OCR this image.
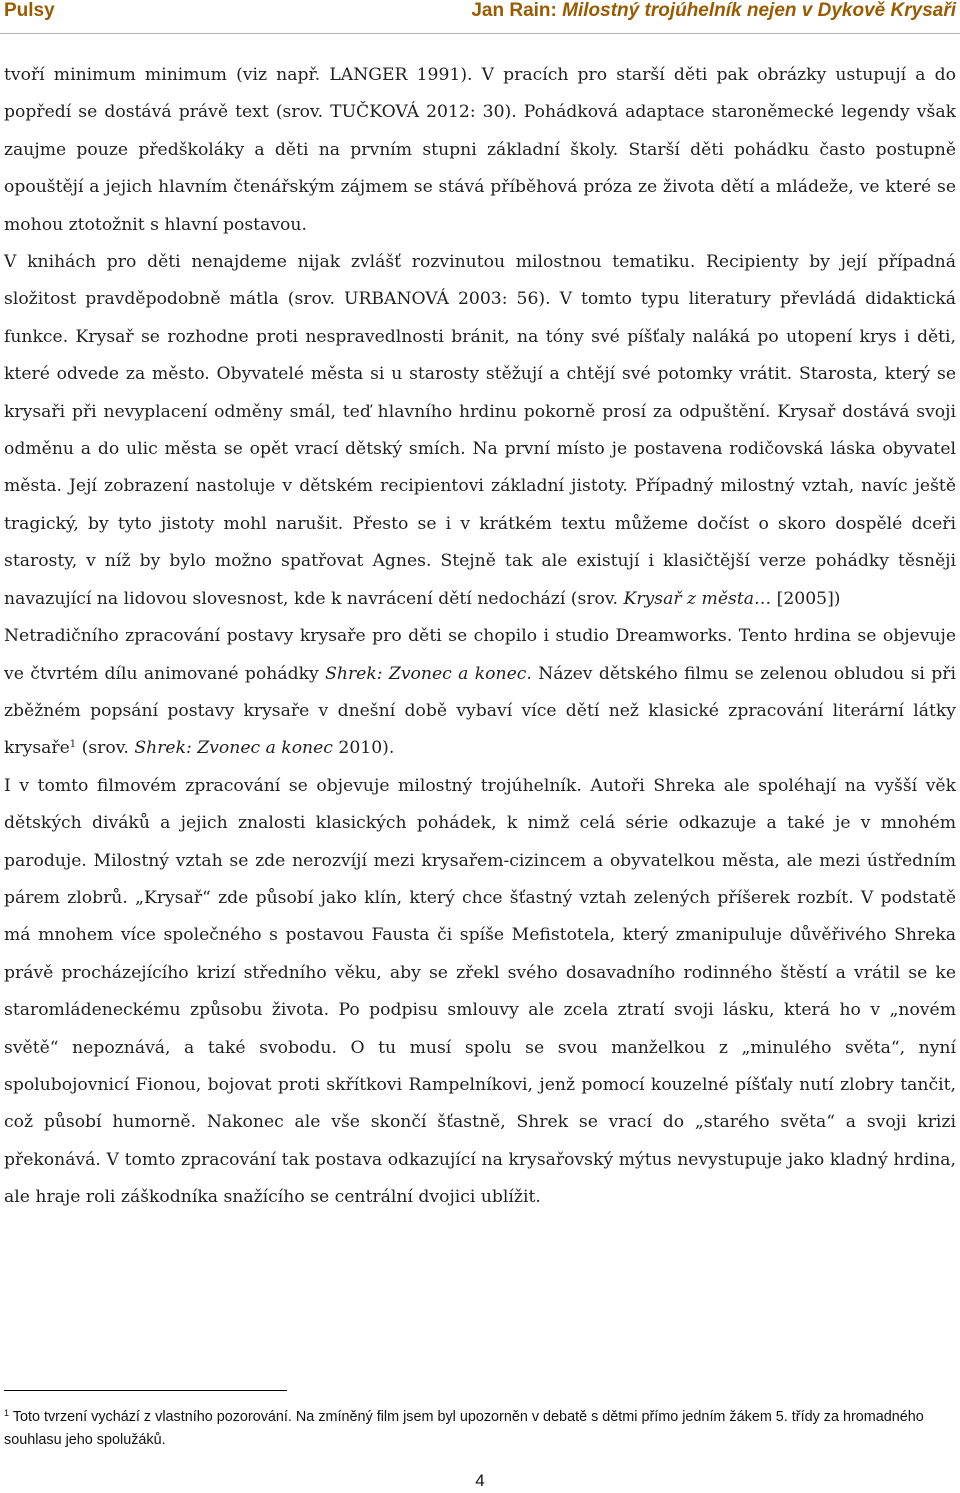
Pulsy	Jan Rain: Milostný trojúhelník nejen v Dykově Krysaři

tvoří minimum minimum (viz např. LANGER 1991). V pracích pro starší děti pak obrázky ustupují a do popředí se dostává právě text (srov. TUČKOVÁ 2012: 30). Pohádková adaptace staroněmecké legendy však zaujme pouze předškoláky a děti na prvním stupni základní školy. Starší děti pohádku často postupně opouštějí a jejich hlavním čtenářským zájmem se stává příběhová próza ze života dětí a mládeže, ve které se mohou ztotožnit s hlavní postavou.

V knihách pro děti nenajdeme nijak zvlášť rozvinutou milostnou tematiku. Recipienty by její případná složitost pravděpodobně mátla (srov. URBANOVÁ 2003: 56). V tomto typu literatury převládá didaktická funkce. Krysař se rozhodne proti nespravedlnosti bránit, na tóny své píšťaly naláká po utopení krys i děti, které odvede za město. Obyvatelé města si u starosty stěžují a chtějí své potomky vrátit. Starosta, který se krysaři při nevyplacení odměny smál, teď hlavního hrdinu pokorně prosí za odpuštění. Krysař dostává svoji odměnu a do ulic města se opět vrací dětský smích. Na první místo je postavena rodičovská láska obyvatel města. Její zobrazení nastoluje v dětském recipientovi základní jistoty. Případný milostný vztah, navíc ještě tragický, by tyto jistoty mohl narušit. Přesto se i v krátkém textu můžeme dočíst o skoro dospělé dceři starosty, v níž by bylo možno spatřovat Agnes. Stejně tak ale existují i klasičtější verze pohádky těsněji navazující na lidovou slovesnost, kde k navrácení dětí nedochází (srov. Krysař z města… [2005])

Netradičního zpracování postavy krysaře pro děti se chopilo i studio Dreamworks. Tento hrdina se objevuje ve čtvrtém dílu animované pohádky Shrek: Zvonec a konec. Název dětského filmu se zelenou obludou si při zběžném popsání postavy krysaře v dnešní době vybaví více dětí než klasické zpracování literární látky krysaře$^1$ (srov. Shrek: Zvonec a konec 2010).

I v tomto filmovém zpracování se objevuje milostný trojúhelník. Autoři Shreka ale spoléhají na vyšší věk dětských diváků a jejich znalosti klasických pohádek, k nimž celá série odkazuje a také je v mnohém paroduje. Milostný vztah se zde nerozvíjí mezi krysařem-cizincem a obyvatelkou města, ale mezi ústředním párem zlobrů. „Krysař“ zde působí jako klín, který chce šťastný vztah zelených příšerek rozbít. V podstatě má mnohem více společného s postavou Fausta či spíše Mefistotela, který zmanipuluje důvěřivého Shreka právě procházejícího krizí středního věku, aby se zřekl svého dosavadního rodinného štěstí a vrátil se ke staromládeneckému způsobu života. Po podpisu smlouvy ale zcela ztratí svoji lásku, která ho v „novém světě“ nepoznává, a také svobodu. O tu musí spolu se svou manželkou z „minulého světa“, nyní spolubojovnicí Fionou, bojovat proti skřítkovi Rampelníkovi, jenž pomocí kouzelné píšťaly nutí zlobry tančit, což působí humorně. Nakonec ale vše skončí šťastně, Shrek se vrací do „starého světa“ a svoji krizi překonává. V tomto zpracování tak postava odkazující na krysařovský mýtus nevystupuje jako kladný hrdina, ale hraje roli záškodníka snažícího se centrální dvojici ublížit.

$^1$ Toto tvrzení vychází z vlastního pozorování. Na zmíněný film jsem byl upozorněn v debatě s dětmi přímo jedním žákem 5. třídy za hromadného souhlasu jeho spolužáků.
4
